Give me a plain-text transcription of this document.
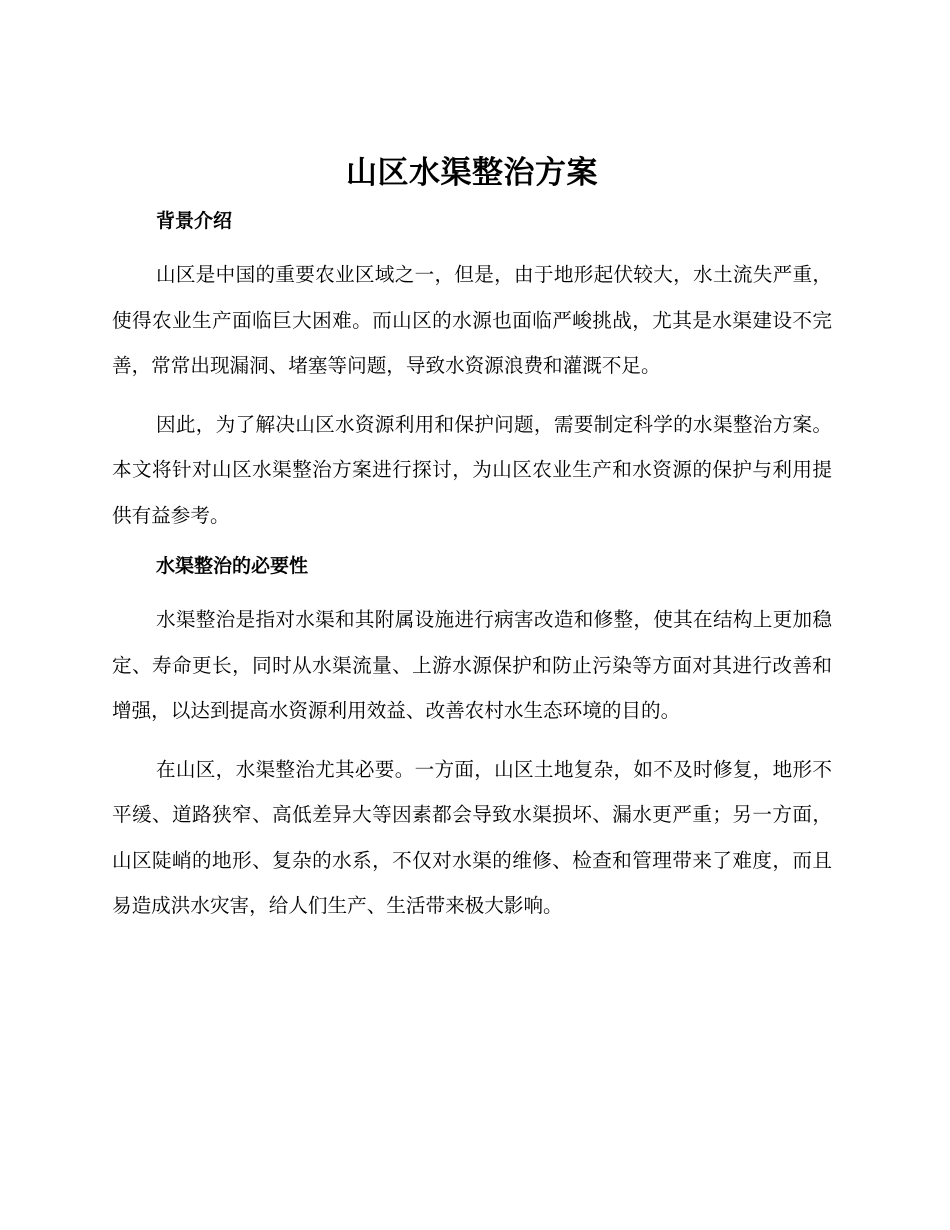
山区水渠整治方案
背景介绍

山区是中国的重要农业区域之一，但是，由于地形起伏较大，水土流失严重，使得农业生产面临巨大困难。而山区的水源也面临严峻挑战，尤其是水渠建设不完善，常常出现漏洞、堵塞等问题，导致水资源浪费和灌溉不足。

因此，为了解决山区水资源利用和保护问题，需要制定科学的水渠整治方案。本文将针对山区水渠整治方案进行探讨，为山区农业生产和水资源的保护与利用提供有益参考。

水渠整治的必要性

水渠整治是指对水渠和其附属设施进行病害改造和修整，使其在结构上更加稳定、寿命更长，同时从水渠流量、上游水源保护和防止污染等方面对其进行改善和增强，以达到提高水资源利用效益、改善农村水生态环境的目的。

在山区，水渠整治尤其必要。一方面，山区土地复杂，如不及时修复，地形不平缓、道路狭窄、高低差异大等因素都会导致水渠损坏、漏水更严重；另一方面，山区陡峭的地形、复杂的水系，不仅对水渠的维修、检查和管理带来了难度，而且易造成洪水灾害，给人们生产、生活带来极大影响。
